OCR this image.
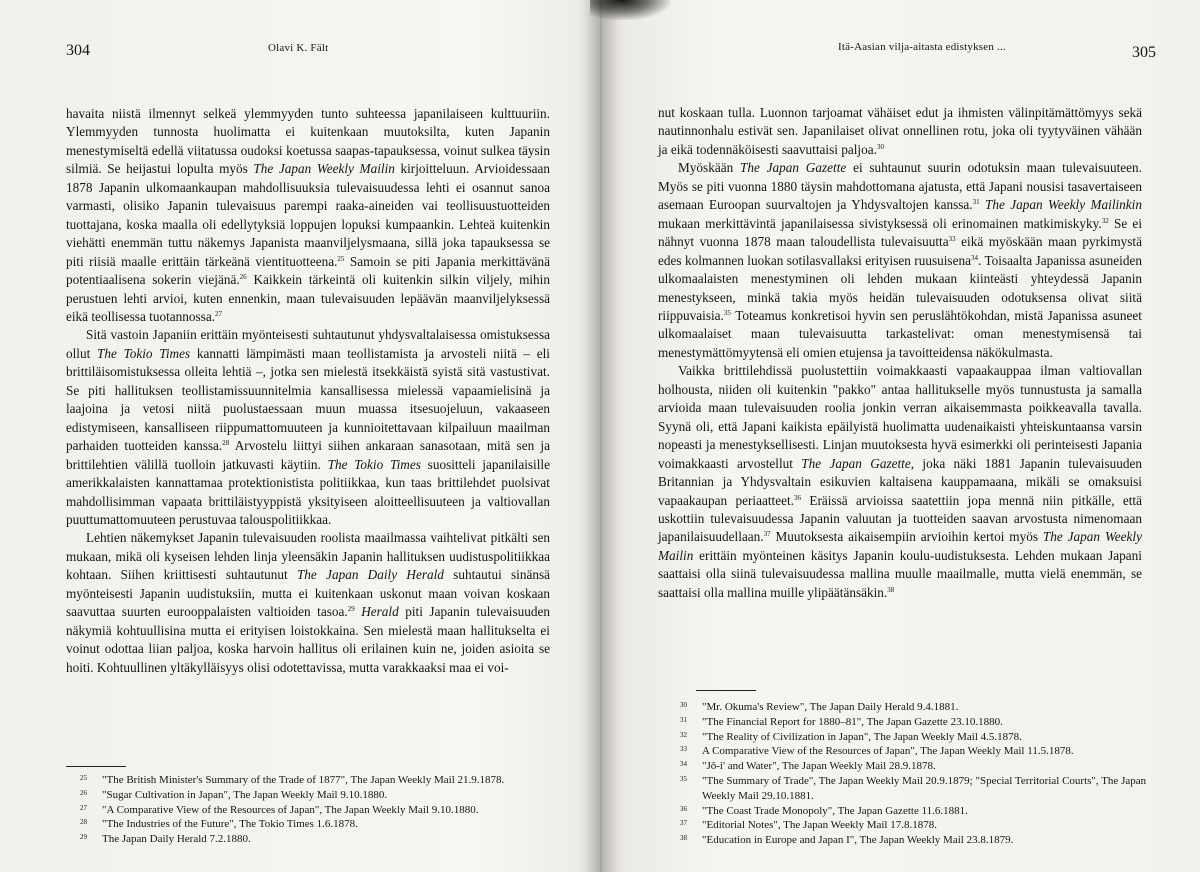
304	Olavi K. Fält

havaita niistä ilmennyt selkeä ylemmyyden tunto suhteessa japanilaiseen kulttuuriin. Ylemmyyden tunnosta huolimatta ei kuitenkaan muutoksilta, kuten Japanin menestymiseltä edellä viitatussa oudoksi koetussa saapas-tapauksessa, voinut sulkea täysin silmiä. Se heijastui lopulta myös The Japan Weekly Mailin kirjoitteluun. Arvioidessaan 1878 Japanin ulkomaankaupan mahdollisuuksia tulevaisuudessa lehti ei osannut sanoa varmasti, olisiko Japanin tulevaisuus parempi raaka-aineiden vai teollisuustuotteiden tuottajana, koska maalla oli edellytyksiä loppujen lopuksi kumpaankin. Lehteä kuitenkin viehätti enemmän tuttu näkemys Japanista maanviljelysmaana, sillä joka tapauksessa se piti riisiä maalle erittäin tärkeänä vientituotteena.$^{25}$ Samoin se piti Japania merkittävänä potentiaalisena sokerin viejänä.$^{26}$ Kaikkein tärkeintä oli kuitenkin silkin viljely, mihin perustuen lehti arvioi, kuten ennenkin, maan tulevaisuuden lepäävän maanviljelyksessä eikä teollisessa tuotannossa.$^{27}$

Sitä vastoin Japaniin erittäin myönteisesti suhtautunut yhdysvaltalaisessa omistuksessa ollut The Tokio Times kannatti lämpimästi maan teollistamista ja arvosteli niitä – eli brittiläisomistuksessa olleita lehtiä –, jotka sen mielestä itsekkäistä syistä sitä vastustivat. Se piti hallituksen teollistamissuunnitelmia kansallisessa mielessä vapaamielisinä ja laajoina ja vetosi niitä puolustaessaan muun muassa itsesuojeluun, vakaaseen edistymiseen, kansalliseen riippumattomuuteen ja kunnioitettavaan kilpailuun maailman parhaiden tuotteiden kanssa.$^{28}$ Arvostelu liittyi siihen ankaraan sanasotaan, mitä sen ja brittilehtien välillä tuolloin jatkuvasti käytiin. The Tokio Times suositteli japanilaisille amerikkalaisten kannattamaa protektionistista politiikkaa, kun taas brittilehdet puolsivat mahdollisimman vapaata brittiläistyyppistä yksityiseen aloitteellisuuteen ja valtiovallan puuttumattomuuteen perustuvaa talouspolitiikkaa.

Lehtien näkemykset Japanin tulevaisuuden roolista maailmassa vaihtelivat pitkälti sen mukaan, mikä oli kyseisen lehden linja yleensäkin Japanin hallituksen uudistuspolitiikkaa kohtaan. Siihen kriittisesti suhtautunut The Japan Daily Herald suhtautui sinänsä myönteisesti Japanin uudistuksiin, mutta ei kuitenkaan uskonut maan voivan koskaan saavuttaa suurten eurooppalaisten valtioiden tasoa.$^{29}$ Herald piti Japanin tulevaisuuden näkymiä kohtuullisina mutta ei erityisen loistokkaina. Sen mielestä maan hallitukselta ei voinut odottaa liian paljoa, koska harvoin hallitus oli erilainen kuin ne, joiden asioita se hoiti. Kohtuullinen yltäkylläisyys olisi odotettavissa, mutta varakkaaksi maa ei voi-

25 "The British Minister's Summary of the Trade of 1877", The Japan Weekly Mail 21.9.1878.
26 "Sugar Cultivation in Japan", The Japan Weekly Mail 9.10.1880.
27 "A Comparative View of the Resources of Japan", The Japan Weekly Mail 9.10.1880.
28 "The Industries of the Future", The Tokio Times 1.6.1878.
29 The Japan Daily Herald 7.2.1880.
Itä-Aasian vilja-aitasta edistyksen ...	305

nut koskaan tulla. Luonnon tarjoamat vähäiset edut ja ihmisten välinpitämättömyys sekä nautinnonhalu estivät sen. Japanilaiset olivat onnellinen rotu, joka oli tyytyväinen vähään ja eikä todennäköisesti saavuttaisi paljoa.$^{30}$

Myöskään The Japan Gazette ei suhtaunut suurin odotuksin maan tulevaisuuteen. Myös se piti vuonna 1880 täysin mahdottomana ajatusta, että Japani nousisi tasavertaiseen asemaan Euroopan suurvaltojen ja Yhdysvaltojen kanssa.$^{31}$ The Japan Weekly Mailinkin mukaan merkittävintä japanilaisessa sivistyksessä oli erinomainen matkimiskyky.$^{32}$ Se ei nähnyt vuonna 1878 maan taloudellista tulevaisuutta$^{33}$ eikä myöskään maan pyrkimystä edes kolmannen luokan sotilasvallaksi erityisen ruusuisena$^{34}$. Toisaalta Japanissa asuneiden ulkomaalaisten menestyminen oli lehden mukaan kiinteästi yhteydessä Japanin menestykseen, minkä takia myös heidän tulevaisuuden odotuksensa olivat siitä riippuvaisia.$^{35}$ Toteamus konkretisoi hyvin sen peruslähtökohdan, mistä Japanissa asuneet ulkomaalaiset maan tulevaisuutta tarkastelivat: oman menestymisensä tai menestymättömyytensä eli omien etujensa ja tavoitteidensa näkökulmasta.

Vaikka brittilehdissä puolustettiin voimakkaasti vapaakauppaa ilman valtiovallan holhousta, niiden oli kuitenkin "pakko" antaa hallitukselle myös tunnustusta ja samalla arvioida maan tulevaisuuden roolia jonkin verran aikaisemmasta poikkeavalla tavalla. Syynä oli, että Japani kaikista epäilyistä huolimatta uudenaikaisti yhteiskuntaansa varsin nopeasti ja menestyksellisesti. Linjan muutoksesta hyvä esimerkki oli perinteisesti Japania voimakkaasti arvostellut The Japan Gazette, joka näki 1881 Japanin tulevaisuuden Britannian ja Yhdysvaltain esikuvien kaltaisena kauppamaana, mikäli se omaksuisi vapaakaupan periaatteet.$^{36}$ Eräissä arvioissa saatettiin jopa mennä niin pitkälle, että uskottiin tulevaisuudessa Japanin valuutan ja tuotteiden saavan arvostusta nimenomaan japanilaisuudellaan.$^{37}$ Muutoksesta aikaisempiin arvioihin kertoi myös The Japan Weekly Mailin erittäin myönteinen käsitys Japanin koulu-uudistuksesta. Lehden mukaan Japani saattaisi olla siinä tulevaisuudessa mallina muulle maailmalle, mutta vielä enemmän, se saattaisi olla mallina muille ylipäätänsäkin.$^{38}$

30 "Mr. Okuma's Review", The Japan Daily Herald 9.4.1881.
31 "The Financial Report for 1880–81", The Japan Gazette 23.10.1880.
32 "The Reality of Civilization in Japan", The Japan Weekly Mail 4.5.1878.
33 A Comparative View of the Resources of Japan", The Japan Weekly Mail 11.5.1878.
34 "Jō-i' and Water", The Japan Weekly Mail 28.9.1878.
35 "The Summary of Trade", The Japan Weekly Mail 20.9.1879; "Special Territorial Courts", The Japan Weekly Mail 29.10.1881.
36 "The Coast Trade Monopoly", The Japan Gazette 11.6.1881.
37 "Editorial Notes", The Japan Weekly Mail 17.8.1878.
38 "Education in Europe and Japan I", The Japan Weekly Mail 23.8.1879.
